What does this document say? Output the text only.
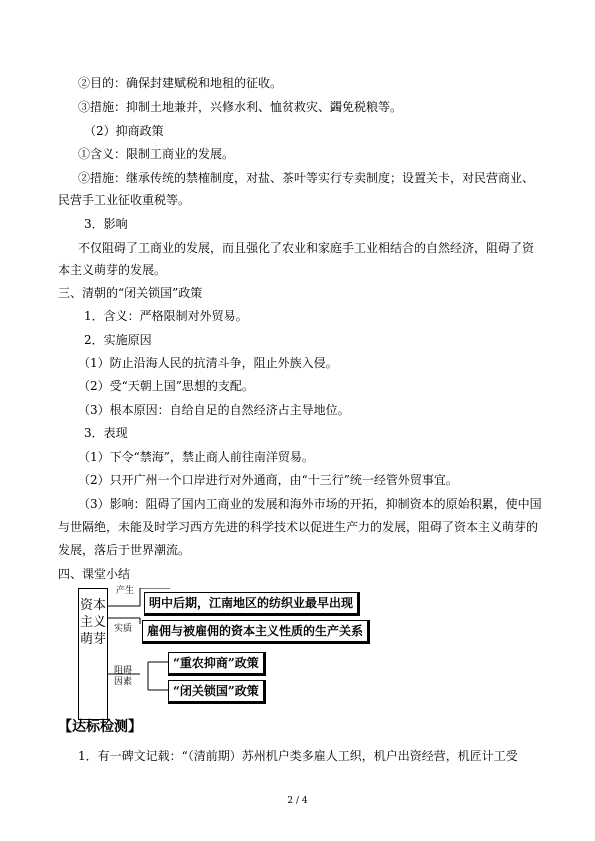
②目的：确保封建赋税和地租的征收。
③措施：抑制土地兼并，兴修水利、恤贫救灾、蠲免税粮等。
（2）抑商政策
①含义：限制工商业的发展。
②措施：继承传统的禁榷制度，对盐、茶叶等实行专卖制度；设置关卡，对民营商业、
民营手工业征收重税等。
3．影响
不仅阻碍了工商业的发展，而且强化了农业和家庭手工业相结合的自然经济，阻碍了资
本主义萌芽的发展。
三、清朝的“闭关锁国”政策
1．含义：严格限制对外贸易。
2．实施原因
（1）防止沿海人民的抗清斗争，阻止外族入侵。
（2）受“天朝上国”思想的支配。
（3）根本原因：自给自足的自然经济占主导地位。
3．表现
（1）下令“禁海”，禁止商人前往南洋贸易。
（2）只开广州一个口岸进行对外通商，由“十三行”统一经管外贸事宜。
（3）影响：阻碍了国内工商业的发展和海外市场的开拓，抑制资本的原始积累，使中国
与世隔绝，未能及时学习西方先进的科学技术以促进生产力的发展，阻碍了资本主义萌芽的
发展，落后于世界潮流。
四、课堂小结
资本主义萌芽
产生
明中后期，江南地区的纺织业最早出现
实质	雇佣与被雇佣的资本主义性质的生产关系
阻碍因素
“重农抑商”政策
“闭关锁国”政策
【达标检测】
1．有一碑文记载：“（清前期）苏州机户类多雇人工织，机户出资经营，机匠计工受
2 / 4
